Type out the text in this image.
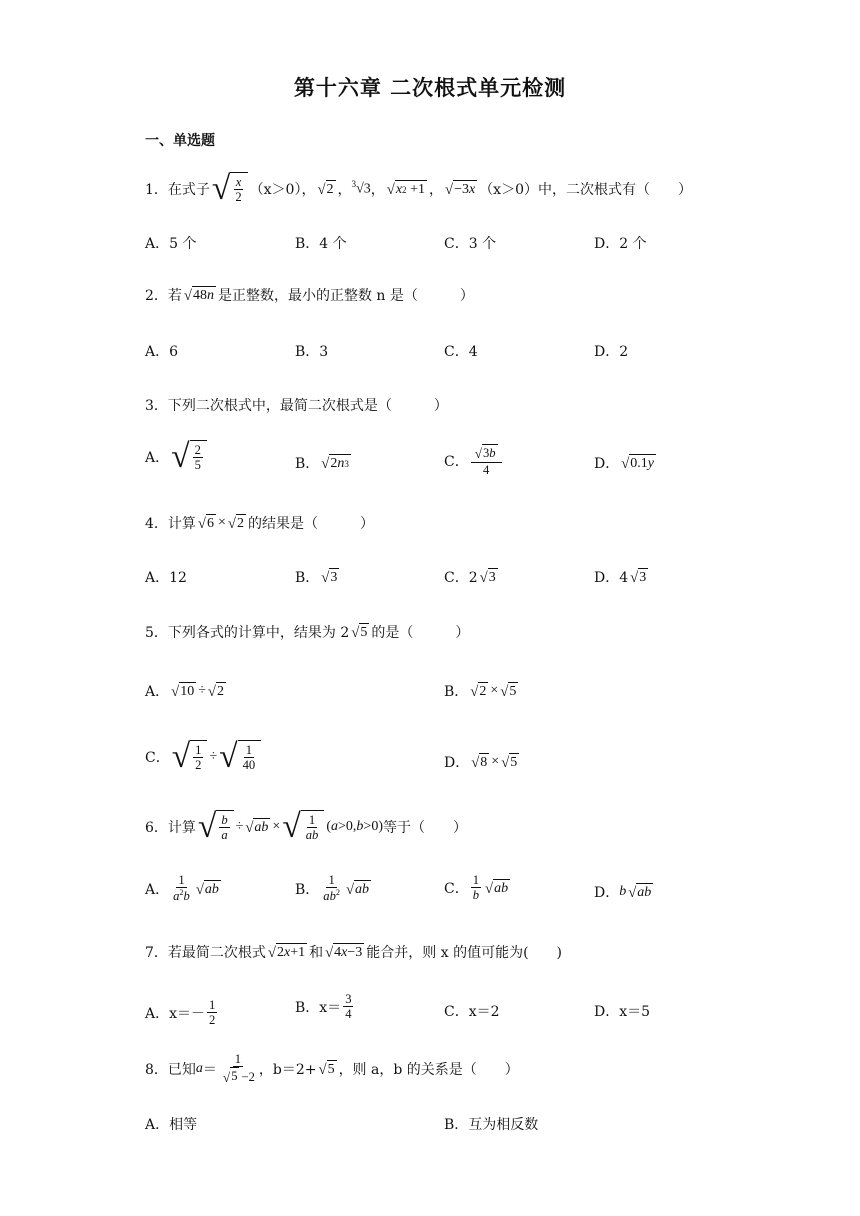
第十六章 二次根式单元检测
一、单选题
1．在式子 √ $\frac{x}{2} (x>0)$， √ 2 ， $^3$√3 ， √ x 2 +1 ， √ −3 x （x＞0）中，二次根式有（　　）
A．5 个	B．4 个	C．3 个	D．2 个
2．若 √ 48 n 是正整数，最小的正整数 n 是（　　　）
A．6	B．3	C．4	D．2
3．下列二次根式中，最简二次根式是（　　　）
A． √ $\frac{2}{5}$	B． √ 2 n 3	C． $\frac{√ 3 b}{4}$	D． √ 0.1 y
4．计算 √ 6 × √ 2 的结果是（　　　）
A．12	B． √ 3	C．2 √ 3	D．4 √ 3
5．下列各式的计算中，结果为 2 √ 5 的是（　　　）
A． √ 10 ÷ √ 2	B． √ 2 × √ 5
C． √ $\frac{1}{2}$ ÷ √ $\frac{1}{40}$	D． √ 8 × √ 5
6．计算 √ $\frac{b}{a}$ ÷ √ ab × √ $\frac{1}{ab} (a>0,b>0)$ 等于（　　）
A． $\frac{1}{a^2b}$ √ ab	B． $\frac{1}{ab^2}$ √ ab	C． $\frac{1}{b}$ √ ab	D． b √ ab
7．若最简二次根式 √ 2 x +1 和 √ 4 x −3 能合并，则 x 的值可能为(　　)
A．$x=- \frac{1}{2}$	B．$x= \frac{3}{4}$	C．x＝2	D．x＝5
8．已知 $a = \frac{1}{√ 5 -2}$ ，b＝2+ √ 5 ，则 a，b 的关系是（　　）
A．相等	B．互为相反数
